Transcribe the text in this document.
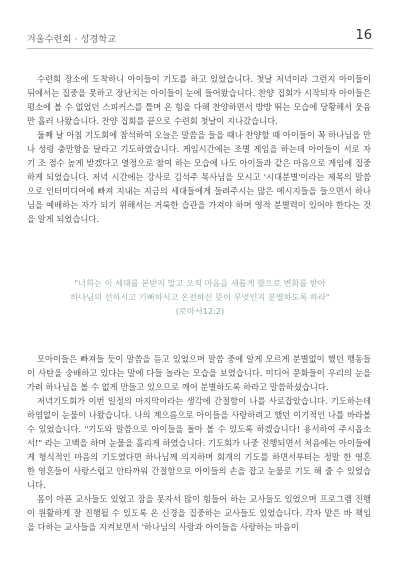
겨울수련회 · 성경학교	16

수련회 장소에 도착하니 아이들이 기도를 하고 있었습니다. 첫날 저녁이라 그런지 아이들이 뒤에서는 집중을 못하고 장난치는 아이들이 눈에 들어왔습니다. 찬양 집회가 시작되자 아이들은 평소에 볼 수 없었던 스피커스를 틀며 온 힘을 다해 찬양하면서 방방 뛰는 모습에 당황해서 웃음만 흘러 나왔습니다. 찬양 집회를 끝으로 수련회 첫날이 지나갔습니다.

둘째 날 아침 기도회에 참석하여 오늘은 말씀을 들을 때나 찬양할 때 아이들이 꼭 하나님을 만나 성령 충만함을 달라고 기도하였습니다. 게임시간에는 조별 게임을 하는데 아이들이 서로 자기 조 점수 높게 받겠다고 열정으로 참여 하는 모습에 나도 아이들과 같은 마음으로 게임에 집중하게 되었습니다. 저녁 시간에는 강사로 김석주 목사님을 모시고 '시대분별'이라는 제목의 말씀으로 인터미디어에 빠져 지내는 지금의 세대들에게 들려주시는 많은 메시지들을 들으면서 하나님을 예배하는 자가 되기 위해서는 거룩한 습관을 가져야 하며 영적 분별력이 있어야 한다는 것을 알게 되었습니다.

"너희는 이 세대를 본받지 말고 오직 마음을 새롭게 함으로 변화를 받아

하나님의 선하시고 기뻐하시고 온전하신 뜻이 무엇인지 분별하도록 하라"

(로마서12:2)

모아이들은 빠져들 듯이 말씀을 듣고 있었으며 말씀 중에 알게 모르게 분별없이 했던 행동들이 사탄을 숭배하고 있다는 말에 다들 놀라는 모습을 보였습니다. 미디어 문화들이 우리의 눈을 가려 하나님을 볼 수 없게 만들고 있으므로 깨어 분별하도록 하라고 말씀하셨습니다.

저녁기도회가 이번 일정의 마지막이라는 생각에 간절함이 나를 사로잡았습니다. 기도하는데 하염없이 눈물이 나왔습니다. 나의 계으름으로 아이들을 사랑하려고 했던 이기적인 나를 바라볼 수 있었습니다. "기도와 말씀으로 아이들을 돌아 볼 수 있도록 하겠습니다! 용서하여 주시옵소서!" 라는 고백을 하며 눈물을 흘리게 하였습니다. 기도회가 나중 진행되면서 처음에는 아이들에게 형식적인 마음의 기도였다면 하나님께 의지하며 회개의 기도를 하면서부터는 정말 한 영혼 한 영혼들이 사랑스럽고 안타까워 간절함으로 아이들의 손을 잡고 눈물로 기도 해 줄 수 있었습니다.

몸이 아픈 교사들도 있었고 잠을 못자서 많이 힘들어 하는 교사들도 있었으며 프로그램 진행이 원활하게 잘 진행될 수 있도록 온 신경을 집중하는 교사들도 있었습니다. 각자 맡은 바 책임을 다하는 교사들을 지켜보면서 '하나님의 사랑과 아이들을 사랑하는 마음이
